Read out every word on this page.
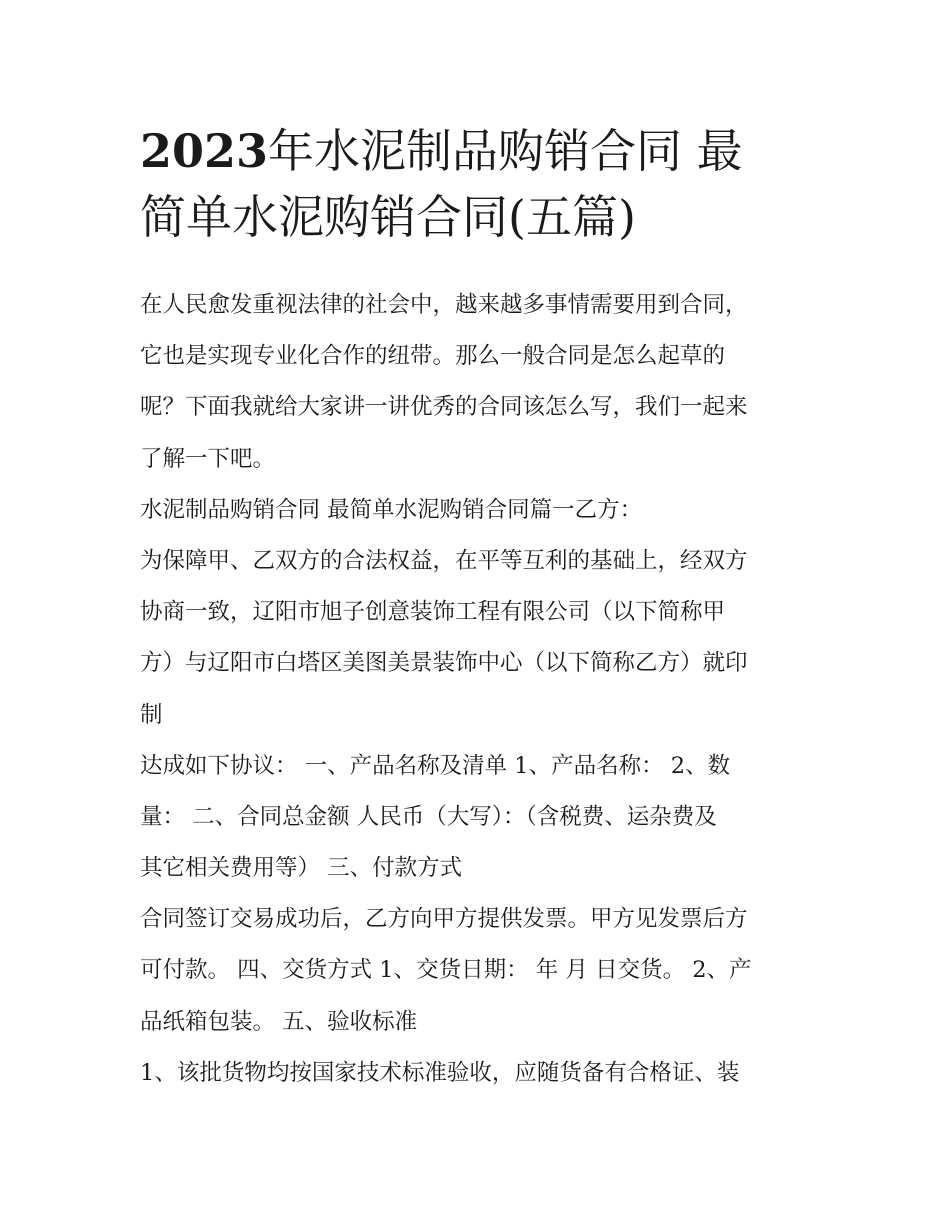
2023年水泥制品购销合同 最
简单水泥购销合同(五篇)
在人民愈发重视法律的社会中，越来越多事情需要用到合同，
它也是实现专业化合作的纽带。那么一般合同是怎么起草的
呢？下面我就给大家讲一讲优秀的合同该怎么写，我们一起来
了解一下吧。
水泥制品购销合同 最简单水泥购销合同篇一乙方：
为保障甲、乙双方的合法权益，在平等互利的基础上，经双方
协商一致，辽阳市旭子创意装饰工程有限公司（以下简称甲
方）与辽阳市白塔区美图美景装饰中心（以下简称乙方）就印
制
达成如下协议： 一、产品名称及清单 1、产品名称： 2、数
量： 二、合同总金额 人民币（大写）：（含税费、运杂费及
其它相关费用等） 三、付款方式
合同签订交易成功后，乙方向甲方提供发票。甲方见发票后方
可付款。 四、交货方式 1、交货日期： 年 月 日交货。 2、产
品纸箱包装。 五、验收标准
1、该批货物均按国家技术标准验收，应随货备有合格证、装
